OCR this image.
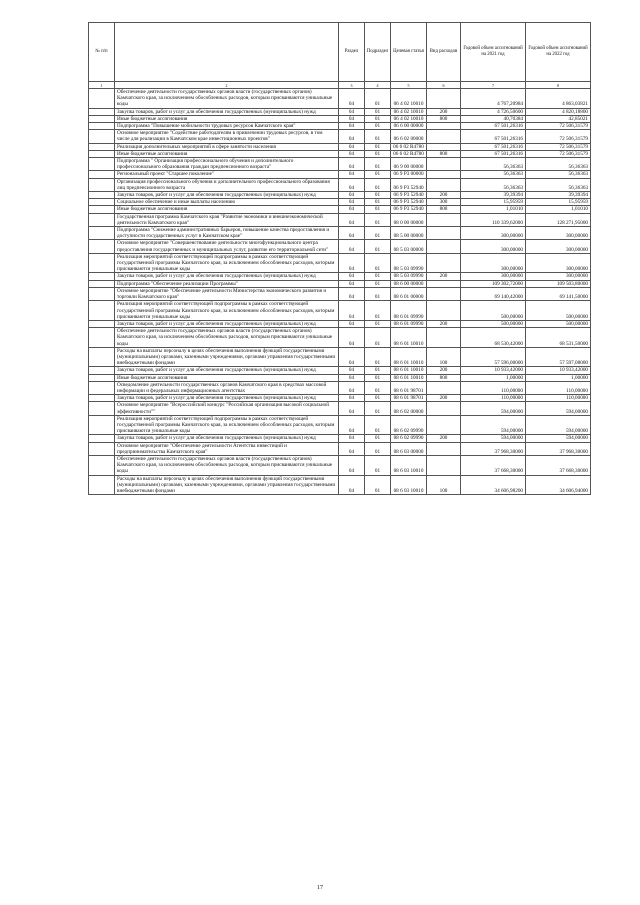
№ п/п		Раздел	Подраздел	Целевая статья	Вид расходов	Годовой объем ассигнований на 2021 год	Годовой объем ассигнований на 2022 год
1	2	3	4	5	6	7	8
	Обеспечение деятельности государственных органов власти (государственных органов) Камчатского края, за исключением обособленных расходов, которым присваиваются уникальные коды	04	01	06 4 02 10010		4 767,20984	4 863,03821
	Закупка товаров, работ и услуг для обеспечения государственных (муниципальных) нужд	04	01	06 4 02 10010	200	4 726,50600	4 820,18800
	Иные бюджетные ассигнования	04	01	06 4 02 10010	800	40,70384	42,85021
	Подпрограмма "Повышение мобильности трудовых ресурсов Камчатского края"	04	01	06 6 00 00000		67 501,26316	72 506,31579
	Основное мероприятие "Содействие работодателям в привлечении трудовых ресурсов, в том числе для реализации в Камчатском крае инвестиционных проектов"	04	01	06 6 02 00000		67 501,26316	72 506,31579
	Реализация дополнительных мероприятий в сфере занятости населения	04	01	06 6 02 R4780		67 501,26316	72 506,31579
	Иные бюджетные ассигнования	04	01	06 6 02 R4780	800	67 501,26316	72 506,31579
	Подпрограмма " Организация профессионального обучения и дополнительного профессионального образования граждан предпенсионного возраста"	04	01	06 9 00 00000		56,36363	56,36363
	Региональный проект "Старшее поколение"	04	01	06 9 P3 00000		56,36363	56,36363
	Организация профессионального обучения и дополнительного профессионального образования лиц предпенсионного возраста	04	01	06 9 P3 52940		56,36363	56,36363
	Закупка товаров, работ и услуг для обеспечения государственных (муниципальных) нужд	04	01	06 9 P3 52940	200	39,39394	39,39394
	Социальное обеспечение и иные выплаты населению	04	01	06 9 P3 52940	300	15,95959	15,95959
	Иные бюджетные ассигнования	04	01	06 9 P3 52940	800	1,01010	1,01010
	Государственная программа Камчатского края "Развитие экономики и внешнеэкономической деятельности Камчатского края"	04	01	08 0 00 00000		110 339,62000	128 271,95000
	Подпрограмма "Снижение административных барьеров, повышение качества предоставления и доступности государственных услуг в Камчатском крае"	04	01	08 5 00 00000		300,00000	300,00000
	Основное мероприятие "Совершенствование деятельности многофункционального центра предоставления государственных и муниципальных услуг, развитие его территориальной сети"	04	01	08 5 03 00000		300,00000	300,00000
	Реализация мероприятий соответствующей подпрограммы в рамках соответствующей государственной программы Камчатского края, за исключением обособленных расходов, которым присваиваются уникальные коды	04	01	08 5 03 09990		300,00000	300,00000
	Закупка товаров, работ и услуг для обеспечения государственных (муниципальных) нужд	04	01	08 5 03 09990	200	300,00000	300,00000
	Подпрограмма "Обеспечение реализации Программы"	04	01	08 6 00 00000		109 302,72000	109 503,80000
	Основное мероприятие "Обеспечение деятельности Министерства экономического развития и торговли Камчатского края"	04	01	08 6 01 00000		69 140,42000	69 141,50000
	Реализация мероприятий соответствующей подпрограммы в рамках соответствующей государственной программы Камчатского края, за исключением обособленных расходов, которым присваиваются уникальные коды	04	01	08 6 01 09990		500,00000	500,00000
	Закупка товаров, работ и услуг для обеспечения государственных (муниципальных) нужд	04	01	08 6 01 09990	200	500,00000	500,00000
	Обеспечение деятельности государственных органов власти (государственных органов) Камчатского края, за исключением обособленных расходов, которым присваиваются уникальные коды	04	01	08 6 01 10010		68 530,42000	68 531,50000
	Расходы на выплаты персоналу в целях обеспечения выполнения функций государственными (муниципальными) органами, казенными учреждениями, органами управления государственными внебюджетными фондами	04	01	08 6 01 10010	100	57 596,00000	57 597,08000
	Закупка товаров, работ и услуг для обеспечения государственных (муниципальных) нужд	04	01	08 6 01 10010	200	10 933,42000	10 933,42000
	Иные бюджетные ассигнования	04	01	08 6 01 10010	800	1,00000	1,00000
	Осведомление деятельности государственных органов Камчатского края в средствах массовой информации и федеральных информационных агентствах	04	01	08 6 01 98701		110,00000	110,00000
	Закупка товаров, работ и услуг для обеспечения государственных (муниципальных) нужд	04	01	08 6 01 98701	200	110,00000	110,00000
	Основное мероприятие "Всероссийский конкурс "Российская организация высокой социальной эффективности""	04	01	08 6 02 00000		594,00000	594,00000
	Реализация мероприятий соответствующей подпрограммы в рамках соответствующей государственной программы Камчатского края, за исключением обособленных расходов, которым присваиваются уникальные коды	04	01	08 6 02 09990		594,00000	594,00000
	Закупка товаров, работ и услуг для обеспечения государственных (муниципальных) нужд	04	01	08 6 02 09990	200	594,00000	594,00000
	Основное мероприятие "Обеспечение деятельности Агентства инвестиций и предпринимательства Камчатского края"	04	01	08 6 03 00000		37 968,30000	37 968,30000
	Обеспечение деятельности государственных органов власти (государственных органов) Камчатского края, за исключением обособленных расходов, которым присваиваются уникальные коды	04	01	08 6 03 10010		37 668,30000	37 668,30000
	Расходы на выплаты персоналу в целях обеспечения выполнения функций государственными (муниципальными) органами, казенными учреждениями, органами управления государственными внебюджетными фондами	04	01	08 6 03 10010	100	34 606,98200	34 606,94000
17
